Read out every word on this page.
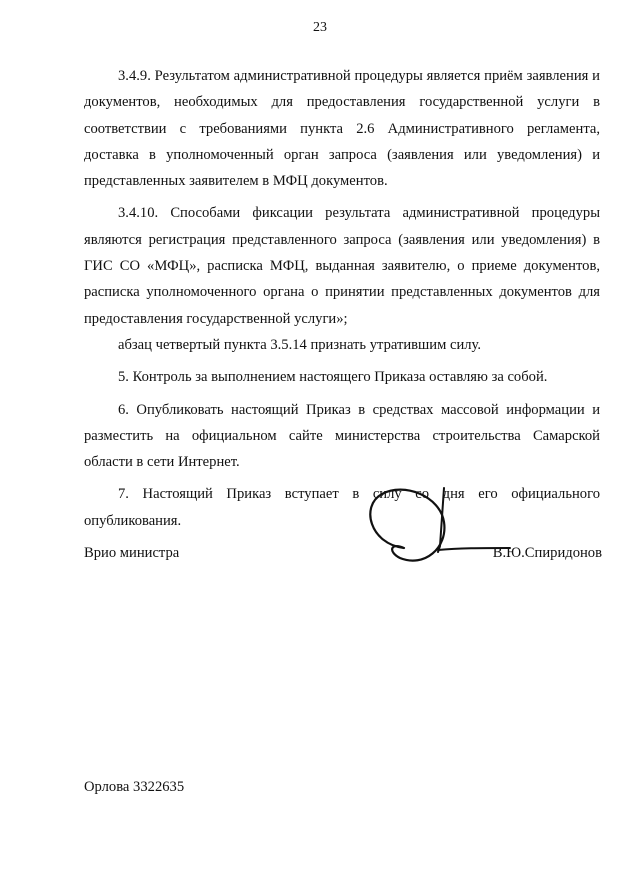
23

3.4.9. Результатом административной процедуры является приём заявления и документов, необходимых для предоставления государственной услуги в соответствии с требованиями пункта 2.6 Административного регламента, доставка в уполномоченный орган запроса (заявления или уведомления) и представленных заявителем в МФЦ документов.

3.4.10. Способами фиксации результата административной процедуры являются регистрация представленного запроса (заявления или уведомления) в ГИС СО «МФЦ», расписка МФЦ, выданная заявителю, о приеме документов, расписка уполномоченного органа о принятии представленных документов для предоставления государственной услуги»;

абзац четвертый пункта 3.5.14 признать утратившим силу.

5. Контроль за выполнением настоящего Приказа оставляю за собой.

6. Опубликовать настоящий Приказ в средствах массовой информации и разместить на официальном сайте министерства строительства Самарской области в сети Интернет.

7. Настоящий Приказ вступает в силу со дня его официального опубликования.

Врио министра	В.Ю.Спиридонов
Орлова 3322635
